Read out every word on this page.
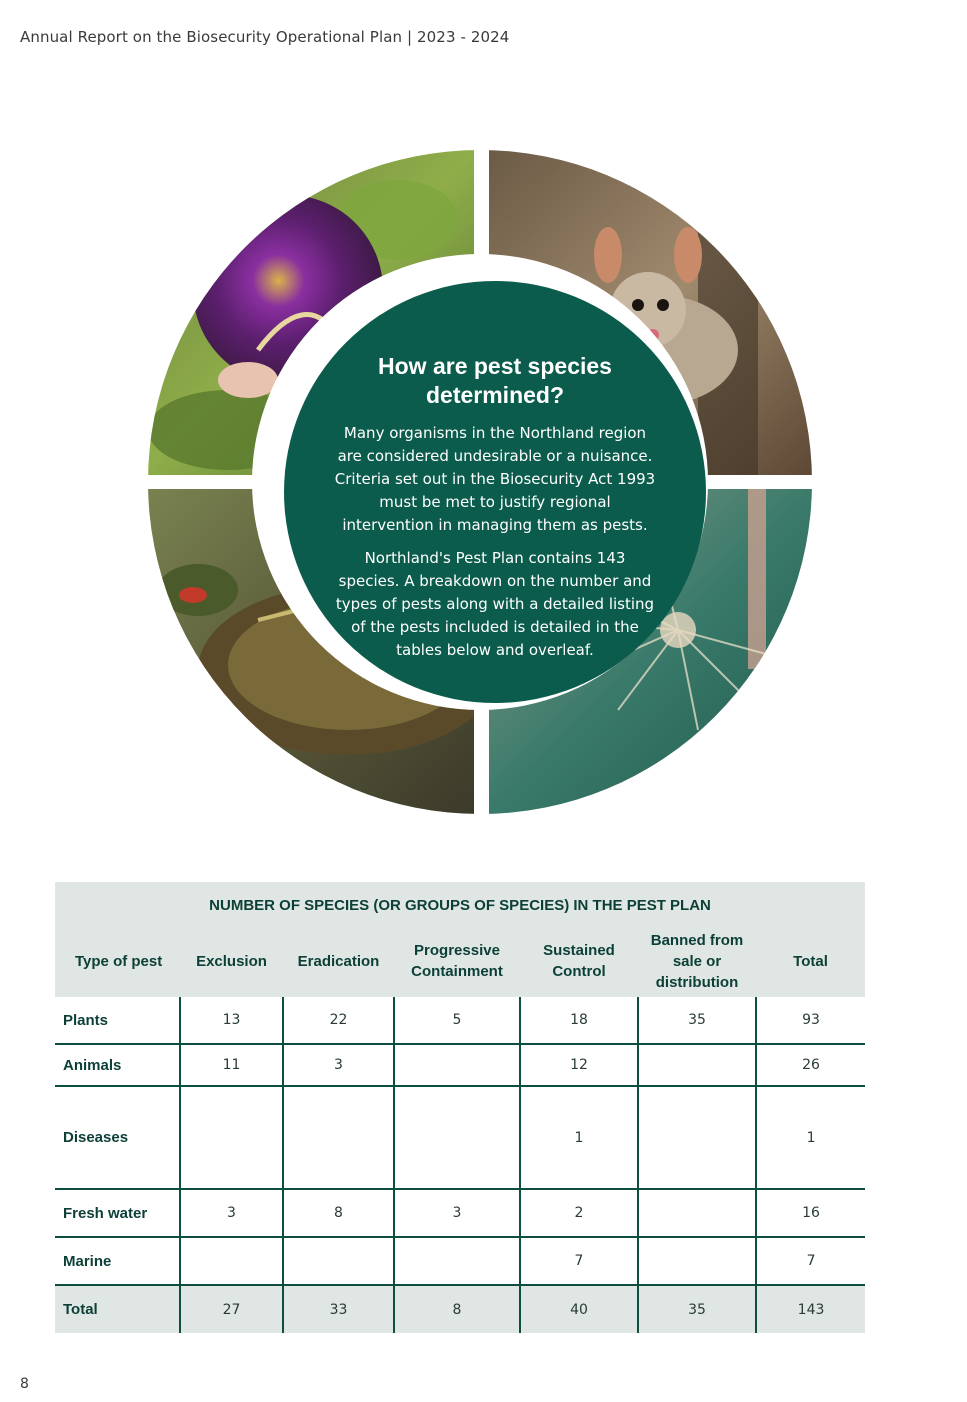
Annual Report on the Biosecurity Operational Plan | 2023 - 2024
How are pest species determined?

Many organisms in the Northland region are considered undesirable or a nuisance. Criteria set out in the Biosecurity Act 1993 must be met to justify regional intervention in managing them as pests.

Northland's Pest Plan contains 143 species. A breakdown on the number and types of pests along with a detailed listing of the pests included is detailed in the tables below and overleaf.

NUMBER OF SPECIES (OR GROUPS OF SPECIES) IN THE PEST PLAN						
Type of pest	Exclusion	Eradication	Progressive Containment	Sustained Control	Banned from sale or distribution	Total
Plants	13	22	5	18	35	93
Animals	11	3		12		26
Diseases				1		1
Fresh water	3	8	3	2		16
Marine				7		7
Total	27	33	8	40	35	143
8
